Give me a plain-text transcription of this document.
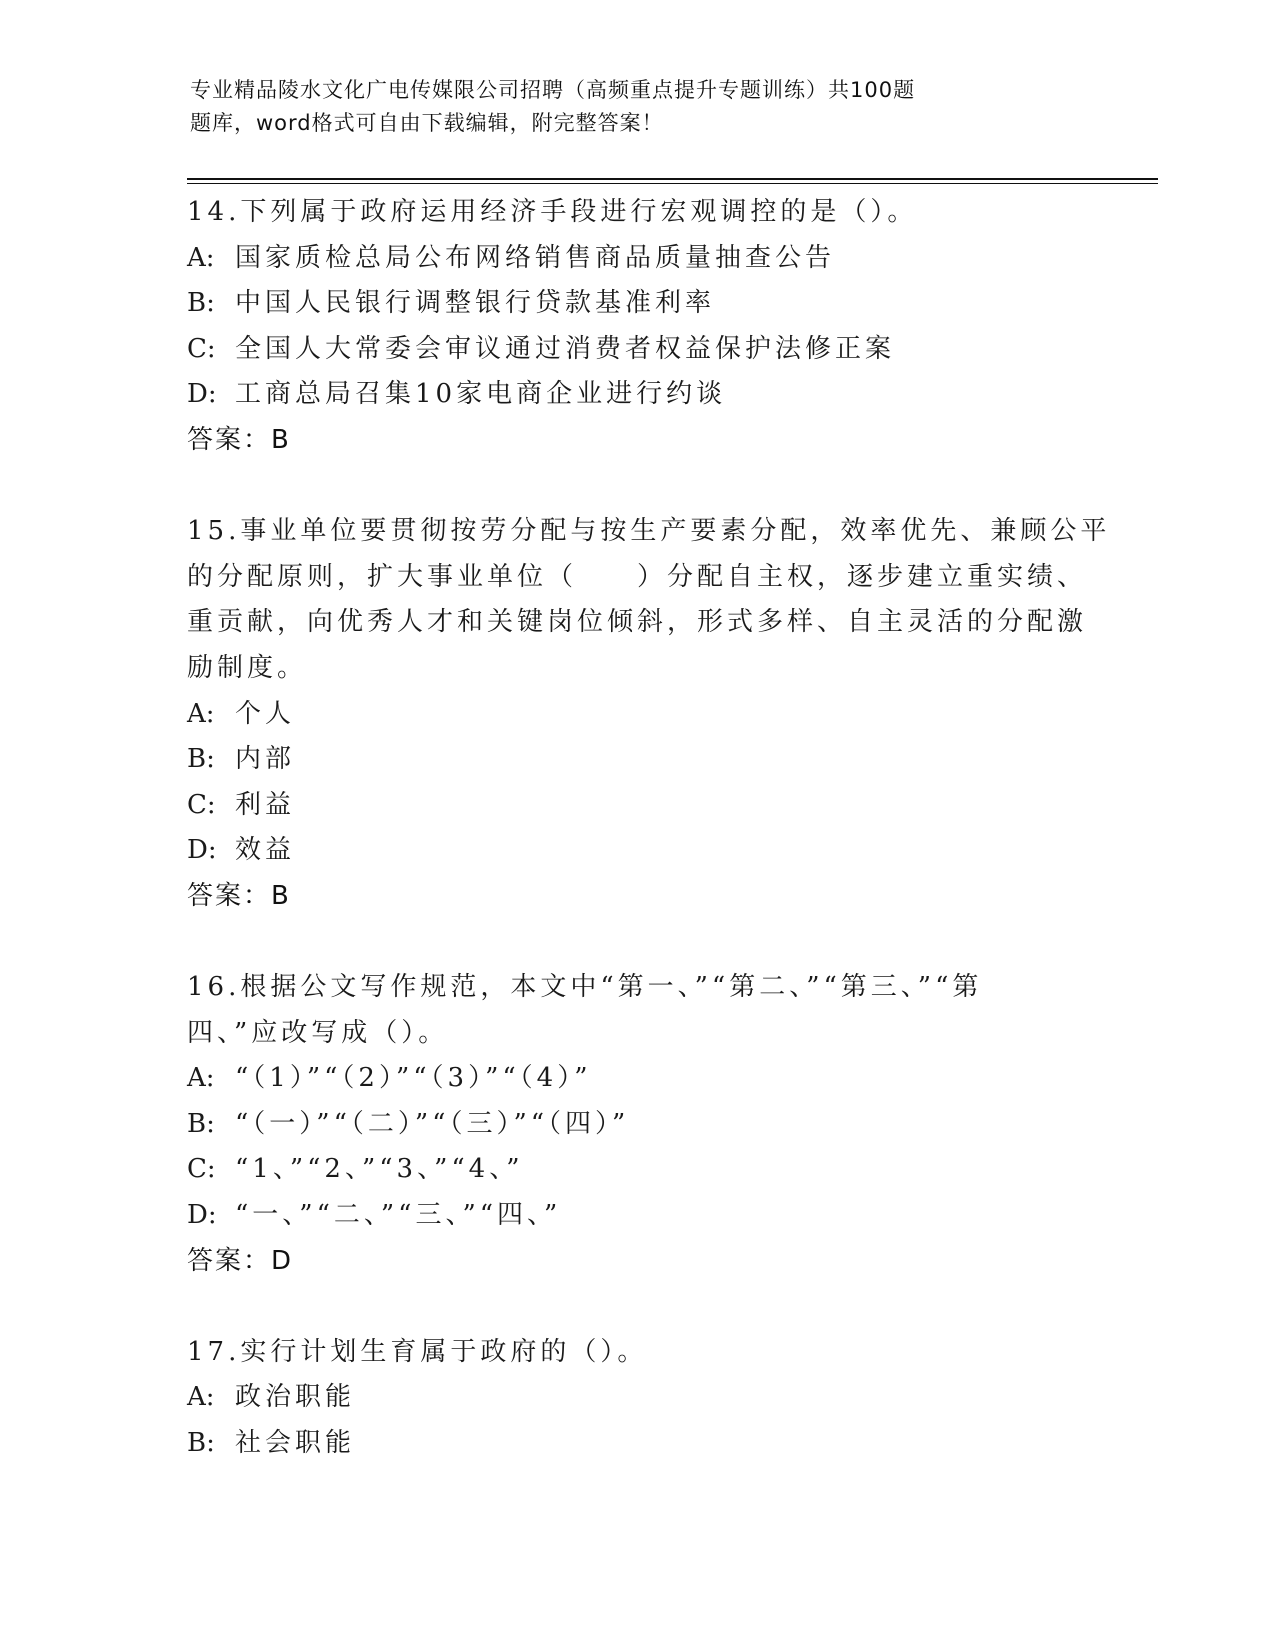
专业精品陵水文化广电传媒限公司招聘（高频重点提升专题训练）共100题
题库，word格式可自由下载编辑，附完整答案！
14.下列属于政府运用经济手段进行宏观调控的是（）。
A: 国家质检总局公布网络销售商品质量抽查公告
B: 中国人民银行调整银行贷款基准利率
C: 全国人大常委会审议通过消费者权益保护法修正案
D: 工商总局召集10家电商企业进行约谈
答案：B
15.事业单位要贯彻按劳分配与按生产要素分配，效率优先、兼顾公平
的分配原则，扩大事业单位（　　）分配自主权，逐步建立重实绩、
重贡献，向优秀人才和关键岗位倾斜，形式多样、自主灵活的分配激
励制度。
A: 个人
B: 内部
C: 利益
D: 效益
答案：B
16.根据公文写作规范，本文中“第一、”“第二、”“第三、”“第
四、”应改写成（）。
A: “（1）”“（2）”“（3）”“（4）”
B: “（一）”“（二）”“（三）”“（四）”
C: “1、”“2、”“3、”“4、”
D: “一、”“二、”“三、”“四、”
答案：D
17.实行计划生育属于政府的（）。
A: 政治职能
B: 社会职能
